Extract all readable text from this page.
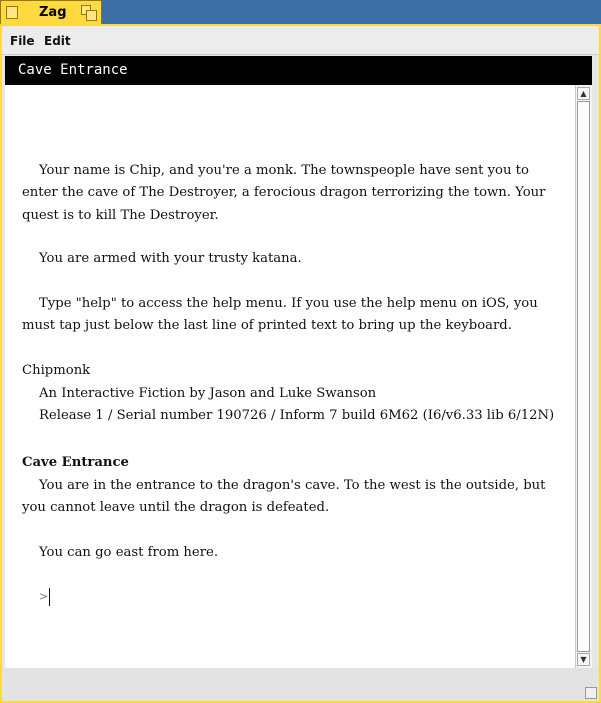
Zag
File Edit
Cave Entrance

Your name is Chip, and you're a monk. The townspeople have sent you to enter the cave of The Destroyer, a ferocious dragon terrorizing the town. Your quest is to kill The Destroyer.

You are armed with your trusty katana.

Type "help" to access the help menu. If you use the help menu on iOS, you must tap just below the last line of printed text to bring up the keyboard.

Chipmonk

An Interactive Fiction by Jason and Luke Swanson

Release 1 / Serial number 190726 / Inform 7 build 6M62 (I6/v6.33 lib 6/12N)

Cave Entrance

You are in the entrance to the dragon's cave. To the west is the outside, but you cannot leave until the dragon is defeated.

You can go east from here.

>
▲
▼
